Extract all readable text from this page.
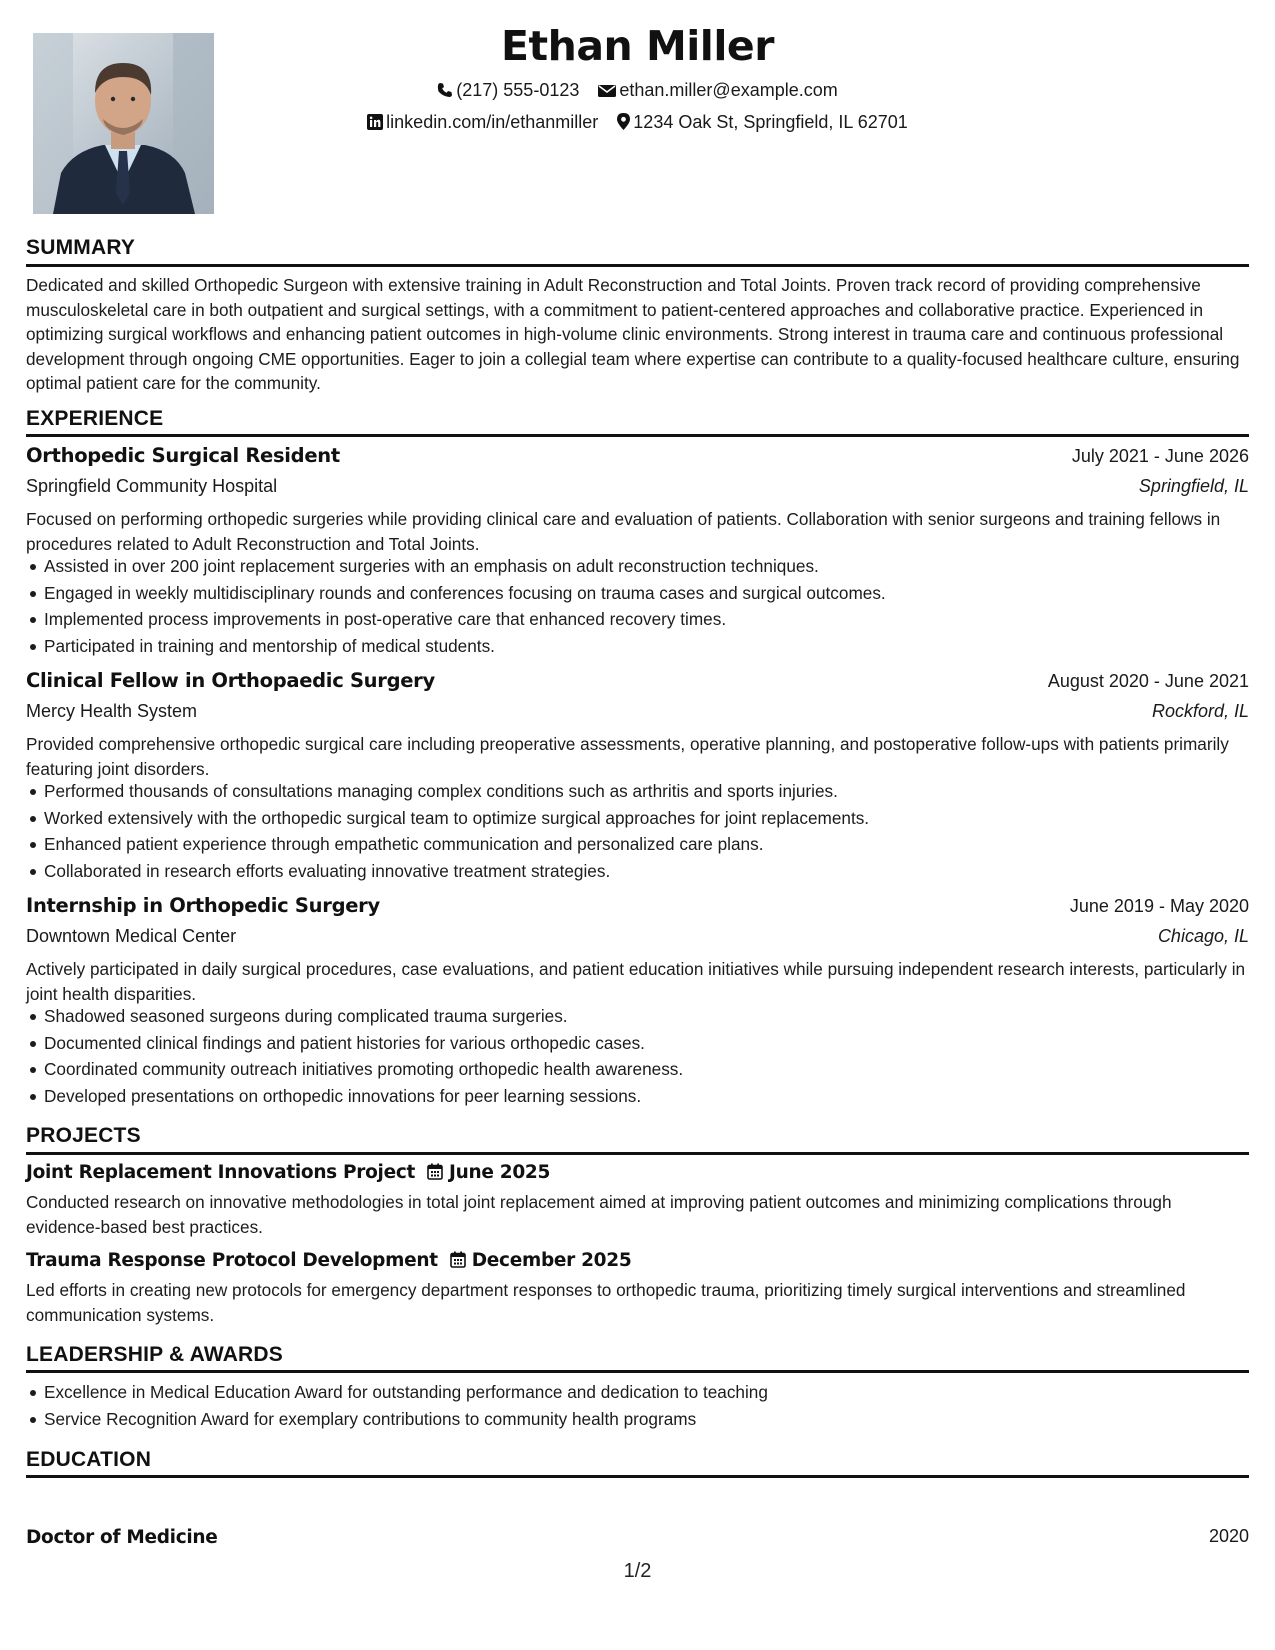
Ethan Miller
(217) 555-0123 ethan.miller@example.com
linkedin.com/in/ethanmiller 1234 Oak St, Springfield, IL 62701
SUMMARY
Dedicated and skilled Orthopedic Surgeon with extensive training in Adult Reconstruction and Total Joints. Proven track record of providing comprehensive musculoskeletal care in both outpatient and surgical settings, with a commitment to patient-centered approaches and collaborative practice. Experienced in optimizing surgical workflows and enhancing patient outcomes in high-volume clinic environments. Strong interest in trauma care and continuous professional development through ongoing CME opportunities. Eager to join a collegial team where expertise can contribute to a quality-focused healthcare culture, ensuring optimal patient care for the community.
EXPERIENCE
Orthopedic Surgical Resident	July 2021 - June 2026
Springfield Community Hospital	Springfield, IL
Focused on performing orthopedic surgeries while providing clinical care and evaluation of patients. Collaboration with senior surgeons and training fellows in procedures related to Adult Reconstruction and Total Joints.
Assisted in over 200 joint replacement surgeries with an emphasis on adult reconstruction techniques.
Engaged in weekly multidisciplinary rounds and conferences focusing on trauma cases and surgical outcomes.
Implemented process improvements in post-operative care that enhanced recovery times.
Participated in training and mentorship of medical students.
Clinical Fellow in Orthopaedic Surgery	August 2020 - June 2021
Mercy Health System	Rockford, IL
Provided comprehensive orthopedic surgical care including preoperative assessments, operative planning, and postoperative follow-ups with patients primarily featuring joint disorders.
Performed thousands of consultations managing complex conditions such as arthritis and sports injuries.
Worked extensively with the orthopedic surgical team to optimize surgical approaches for joint replacements.
Enhanced patient experience through empathetic communication and personalized care plans.
Collaborated in research efforts evaluating innovative treatment strategies.
Internship in Orthopedic Surgery	June 2019 - May 2020
Downtown Medical Center	Chicago, IL
Actively participated in daily surgical procedures, case evaluations, and patient education initiatives while pursuing independent research interests, particularly in joint health disparities.
Shadowed seasoned surgeons during complicated trauma surgeries.
Documented clinical findings and patient histories for various orthopedic cases.
Coordinated community outreach initiatives promoting orthopedic health awareness.
Developed presentations on orthopedic innovations for peer learning sessions.
PROJECTS
Joint Replacement Innovations Project June 2025
Conducted research on innovative methodologies in total joint replacement aimed at improving patient outcomes and minimizing complications through evidence-based best practices.
Trauma Response Protocol Development December 2025
Led efforts in creating new protocols for emergency department responses to orthopedic trauma, prioritizing timely surgical interventions and streamlined communication systems.
LEADERSHIP & AWARDS
Excellence in Medical Education Award for outstanding performance and dedication to teaching
Service Recognition Award for exemplary contributions to community health programs
EDUCATION
Doctor of Medicine	2020
1/2
